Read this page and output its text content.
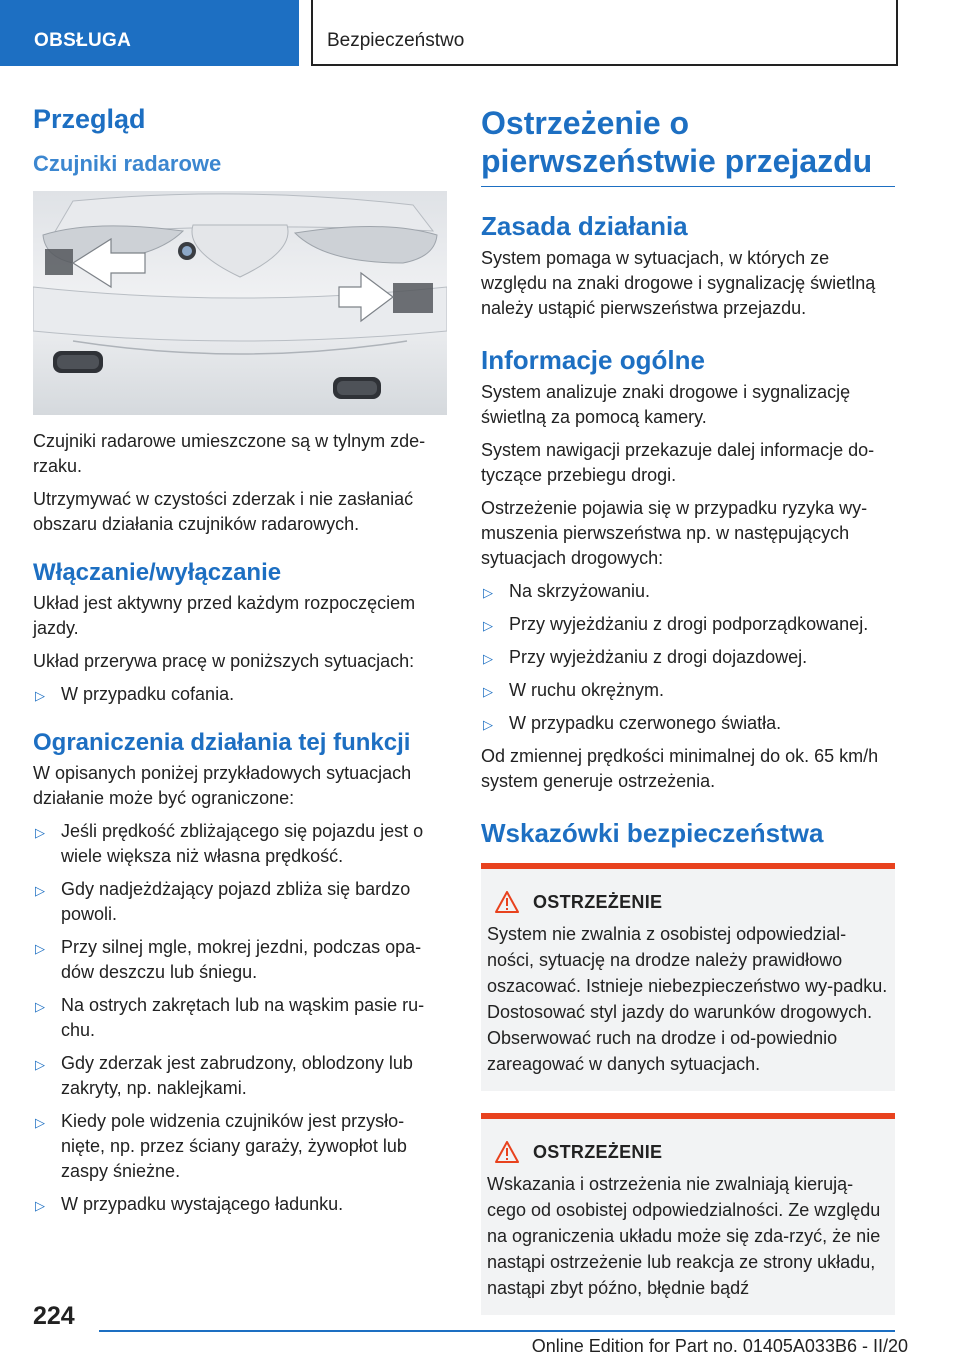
OBSŁUGA	Bezpieczeństwo
Przegląd
Czujniki radarowe

Czujniki radarowe umieszczone są w tylnym zde-rzaku.

Utrzymywać w czystości zderzak i nie zasłaniać obszaru działania czujników radarowych.

Włączanie/wyłączanie

Układ jest aktywny przed każdym rozpoczęciem jazdy.

Układ przerywa pracę w poniższych sytuacjach:

▷ W przypadku cofania.
Ograniczenia działania tej funkcji

W opisanych poniżej przykładowych sytuacjach działanie może być ograniczone:

▷ Jeśli prędkość zbliżającego się pojazdu jest o wiele większa niż własna prędkość.
▷ Gdy nadjeżdżający pojazd zbliża się bardzo powoli.
▷ Przy silnej mgle, mokrej jezdni, podczas opa-dów deszczu lub śniegu.
▷ Na ostrych zakrętach lub na wąskim pasie ru-chu.
▷ Gdy zderzak jest zabrudzony, oblodzony lub zakryty, np. naklejkami.
▷ Kiedy pole widzenia czujników jest przysło-nięte, np. przez ściany garaży, żywopłot lub zaspy śnieżne.
▷ W przypadku wystającego ładunku.
Ostrzeżenie o pierwszeństwie przejazdu
Zasada działania

System pomaga w sytuacjach, w których ze względu na znaki drogowe i sygnalizację świetlną należy ustąpić pierwszeństwa przejazdu.

Informacje ogólne

System analizuje znaki drogowe i sygnalizację świetlną za pomocą kamery.

System nawigacji przekazuje dalej informacje do-tyczące przebiegu drogi.

Ostrzeżenie pojawia się w przypadku ryzyka wy-muszenia pierwszeństwa np. w następujących sytuacjach drogowych:

▷ Na skrzyżowaniu.
▷ Przy wyjeżdżaniu z drogi podporządkowanej.
▷ Przy wyjeżdżaniu z drogi dojazdowej.
▷ W ruchu okrężnym.
▷ W przypadku czerwonego światła.

Od zmiennej prędkości minimalnej do ok. 65 km/h system generuje ostrzeżenia.

Wskazówki bezpieczeństwa
OSTRZEŻENIE

System nie zwalnia z osobistej odpowiedzial-ności, sytuację na drodze należy prawidłowo oszacować. Istnieje niebezpieczeństwo wy-padku. Dostosować styl jazdy do warunków drogowych. Obserwować ruch na drodze i od-powiednio zareagować w danych sytuacjach.

OSTRZEŻENIE

Wskazania i ostrzeżenia nie zwalniają kierują-cego od osobistej odpowiedzialności. Ze względu na ograniczenia układu może się zda-rzyć, że nie nastąpi ostrzeżenie lub reakcja ze strony układu, nastąpi zbyt późno, błędnie bądź

224
Online Edition for Part no. 01405A033B6 - II/20
